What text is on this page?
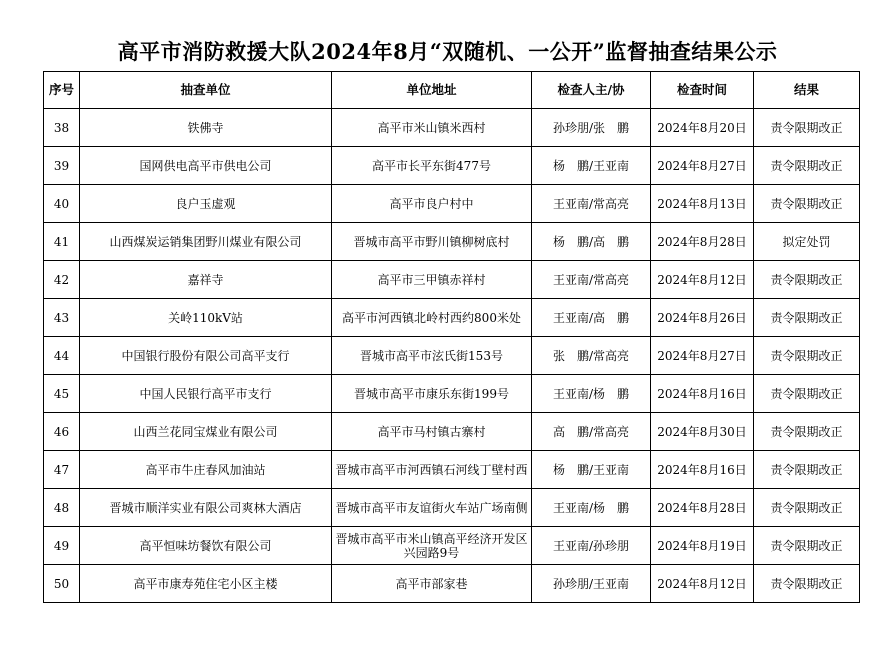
高平市消防救援大队2024年8月“双随机、一公开”监督抽查结果公示
序号	抽查单位	单位地址	检查人主/协	检查时间	结果
38	铁佛寺	高平市米山镇米西村	孙珍朋/张　鹏	2024年8月20日	责令限期改正
39	国网供电高平市供电公司	高平市长平东街477号	杨　鹏/王亚南	2024年8月27日	责令限期改正
40	良户玉虚观	高平市良户村中	王亚南/常高亮	2024年8月13日	责令限期改正
41	山西煤炭运销集团野川煤业有限公司	晋城市高平市野川镇柳树底村	杨　鹏/高　鹏	2024年8月28日	拟定处罚
42	嘉祥寺	高平市三甲镇赤祥村	王亚南/常高亮	2024年8月12日	责令限期改正
43	关岭110kV站	高平市河西镇北岭村西约800米处	王亚南/高　鹏	2024年8月26日	责令限期改正
44	中国银行股份有限公司高平支行	晋城市高平市泫氏街153号	张　鹏/常高亮	2024年8月27日	责令限期改正
45	中国人民银行高平市支行	晋城市高平市康乐东街199号	王亚南/杨　鹏	2024年8月16日	责令限期改正
46	山西兰花同宝煤业有限公司	高平市马村镇古寨村	高　鹏/常高亮	2024年8月30日	责令限期改正
47	高平市牛庄春风加油站	晋城市高平市河西镇石河线丁壁村西	杨　鹏/王亚南	2024年8月16日	责令限期改正
48	晋城市顺洋实业有限公司爽林大酒店	晋城市高平市友谊街火车站广场南侧	王亚南/杨　鹏	2024年8月28日	责令限期改正
49	高平恒味坊餐饮有限公司	晋城市高平市米山镇高平经济开发区兴园路9号	王亚南/孙珍朋	2024年8月19日	责令限期改正
50	高平市康寿苑住宅小区主楼	高平市部家巷	孙珍朋/王亚南	2024年8月12日	责令限期改正
